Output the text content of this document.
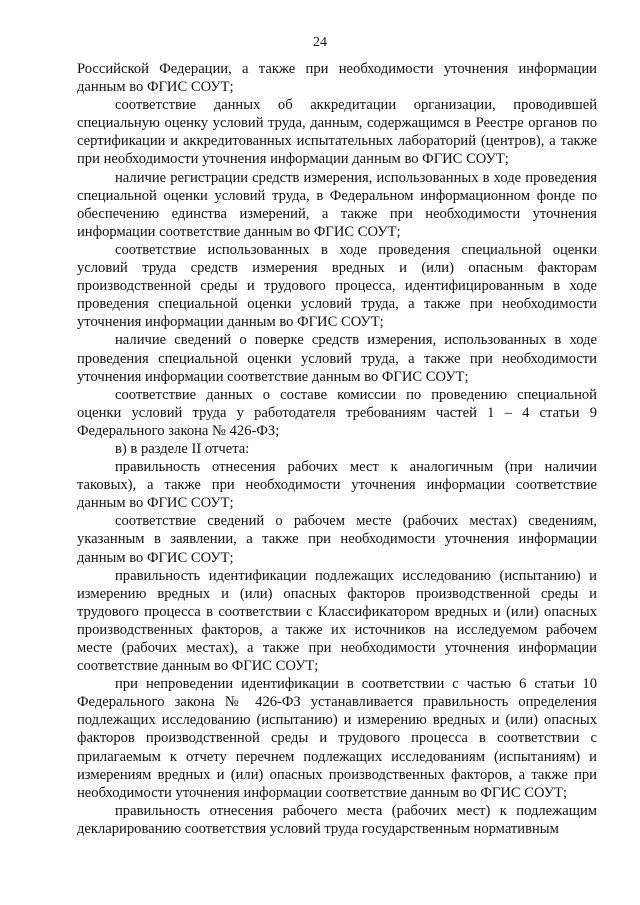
24

Российской Федерации, а также при необходимости уточнения информации данным во ФГИС СОУТ;

соответствие данных об аккредитации организации, проводившей специальную оценку условий труда, данным, содержащимся в Реестре органов по сертификации и аккредитованных испытательных лабораторий (центров), а также при необходимости уточнения информации данным во ФГИС СОУТ;

наличие регистрации средств измерения, использованных в ходе проведения специальной оценки условий труда, в Федеральном информационном фонде по обеспечению единства измерений, а также при необходимости уточнения информации соответствие данным во ФГИС СОУТ;

соответствие использованных в ходе проведения специальной оценки условий труда средств измерения вредных и (или) опасным факторам производственной среды и трудового процесса, идентифицированным в ходе проведения специальной оценки условий труда, а также при необходимости уточнения информации данным во ФГИС СОУТ;

наличие сведений о поверке средств измерения, использованных в ходе проведения специальной оценки условий труда, а также при необходимости уточнения информации соответствие данным во ФГИС СОУТ;

соответствие данных о составе комиссии по проведению специальной оценки условий труда у работодателя требованиям частей 1 – 4 статьи 9 Федерального закона № 426-ФЗ;

в) в разделе II отчета:

правильность отнесения рабочих мест к аналогичным (при наличии таковых), а также при необходимости уточнения информации соответствие данным во ФГИС СОУТ;

соответствие сведений о рабочем месте (рабочих местах) сведениям, указанным в заявлении, а также при необходимости уточнения информации данным во ФГИС СОУТ;

правильность идентификации подлежащих исследованию (испытанию) и измерению вредных и (или) опасных факторов производственной среды и трудового процесса в соответствии с Классификатором вредных и (или) опасных производственных факторов, а также их источников на исследуемом рабочем месте (рабочих местах), а также при необходимости уточнения информации соответствие данным во ФГИС СОУТ;

при непроведении идентификации в соответствии с частью 6 статьи 10 Федерального закона № 426-ФЗ устанавливается правильность определения подлежащих исследованию (испытанию) и измерению вредных и (или) опасных факторов производственной среды и трудового процесса в соответствии с прилагаемым к отчету перечнем подлежащих исследованиям (испытаниям) и измерениям вредных и (или) опасных производственных факторов, а также при необходимости уточнения информации соответствие данным во ФГИС СОУТ;

правильность отнесения рабочего места (рабочих мест) к подлежащим декларированию соответствия условий труда государственным нормативным
